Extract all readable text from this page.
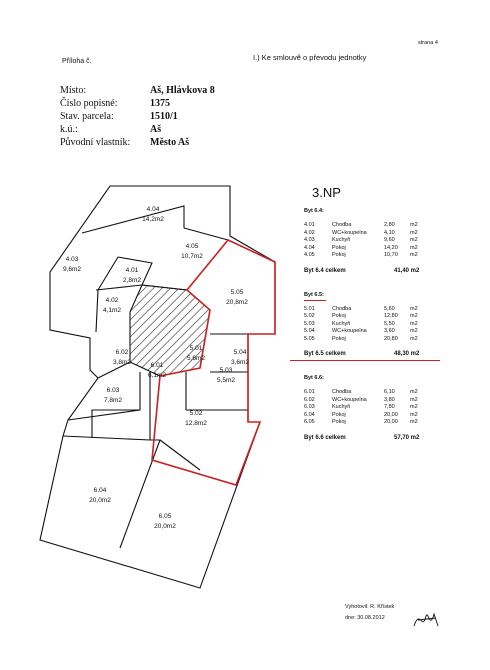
Příloha č.	I.) Ke smlouvě o převodu jednotky
strana 4
Místo:	Aš, Hlávkova 8
Číslo popisné:	1375
Stav. parcela:	1510/1
k.ú.:	Aš
Původní vlastník: Město Aš
4.04
14,2m2
4.03
9,6m2	4.01
2,8m2
4.05
10,7m2
4.02
4,1m2
5.05
20,8m2
5.04
3,6m2
5.01
5,6m2
5.03
5,5m2
5.02
12,8m2
6.02
3,8m2	6.01
6,1m2
6.03
7,8m2
6.04
20,0m2
6.05
20,0m2
3.NP
Byt 6.4:
4.01	Chodba	2,80	m2
4.02	WC+koupelna	4,10	m2
4.03	Kuchyň	9,60	m2
4.04	Pokoj	14,20 m2
4.05	Pokoj	10,70 m2
Byt 6.4 celkem	41,40 m2
Byt 6.5:
5.01	Chodba	5,60	m2
5.02	Pokoj	12,80 m2
5.03	Kuchyň	5,50	m2
5.04	WC+koupelna	3,60	m2
5.05	Pokoj	20,80 m2
Byt 6.5 celkem	48,30 m2
Byt 6.6:
6.01	Chodba	6,10	m2
6.02	WC+koupelna	3,80	m2
6.03	Kuchyň	7,80	m2
6.04	Pokoj	20,00 m2
6.05	Pokoj	20,00 m2
Byt 6.6 celkem	57,70 m2
Vyhotovil: R. Křístek
dne: 30.08.2012
